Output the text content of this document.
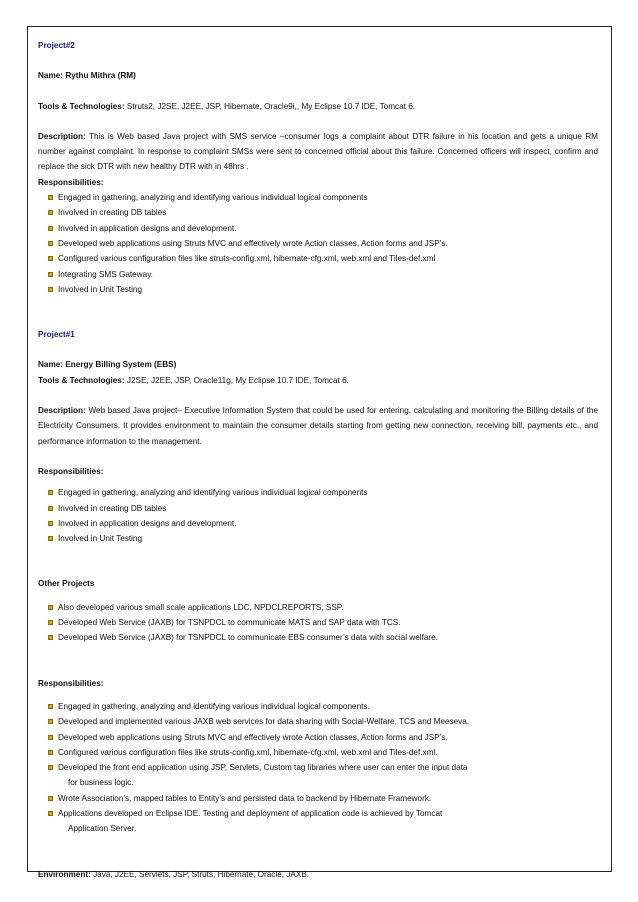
Project#2

Name: Rythu Mithra (RM)

Tools & Technologies: Struts2, J2SE, J2EE, JSP, Hibernate, Oracle9i,, My Eclipse 10.7 IDE, Tomcat 6.

Description: This is Web based Java project with SMS service –consumer logs a complaint about DTR failure in his location and gets a unique RM number against complaint. In response to complaint SMSs were sent to concerned official about this failure. Concerned officers will inspect, confirm and replace the sick DTR with new healthy DTR with in 48hrs .

Responsibilities:

Engaged in gathering, analyzing and identifying various individual logical components
Involved in creating DB tables
Involved in application designs and development.
Developed web applications using Struts MVC and effectively wrote Action classes, Action forms and JSP’s.
Configured various configuration files like struts-config.xml, hibernate-cfg.xml, web.xml and Tiles-def.xml
Integrating SMS Gateway.
Involved in Unit Testing

Project#1

Name: Energy Billing System (EBS)

Tools & Technologies: J2SE, J2EE, JSP, Oracle11g, My Eclipse 10.7 IDE, Tomcat 6.

Description: Web based Java project– Executive Information System that could be used for entering, calculating and monitoring the Billing details of the Electricity Consumers. It provides environment to maintain the consumer details starting from getting new connection, receiving bill, payments etc., and performance information to the management.

Responsibilities:

Engaged in gathering, analyzing and identifying various individual logical components
Involved in creating DB tables
Involved in application designs and development.
Involved in Unit Testing

Other Projects

Also developed various small scale applications LDC, NPDCLREPORTS, SSP.
Developed Web Service (JAXB) for TSNPDCL to communicate MATS and SAP data with TCS.
Developed Web Service (JAXB) for TSNPDCL to communicate EBS consumer’s data with social welfare.

Responsibilities:

Engaged in gathering, analyzing and identifying various individual logical components.
Developed and implemented various JAXB web services for data sharing with Social-Welfare, TCS and Meeseva.
Developed web applications using Struts MVC and effectively wrote Action classes, Action forms and JSP’s.
Configured various configuration files like struts-config.xml, hibernate-cfg.xml, web.xml and Tiles-def.xml.
Developed the front end application using JSP, Servlets, Custom tag libraries where user can enter the input data
for business logic.
Wrote Association’s, mapped tables to Entity’s and persisted data to backend by Hibernate Framework.
Applications developed on Eclipse IDE. Testing and deployment of application code is achieved by Tomcat
Application Server.

Environment: Java, J2EE, Servlets, JSP, Struts, Hibernate, Oracle, JAXB.
